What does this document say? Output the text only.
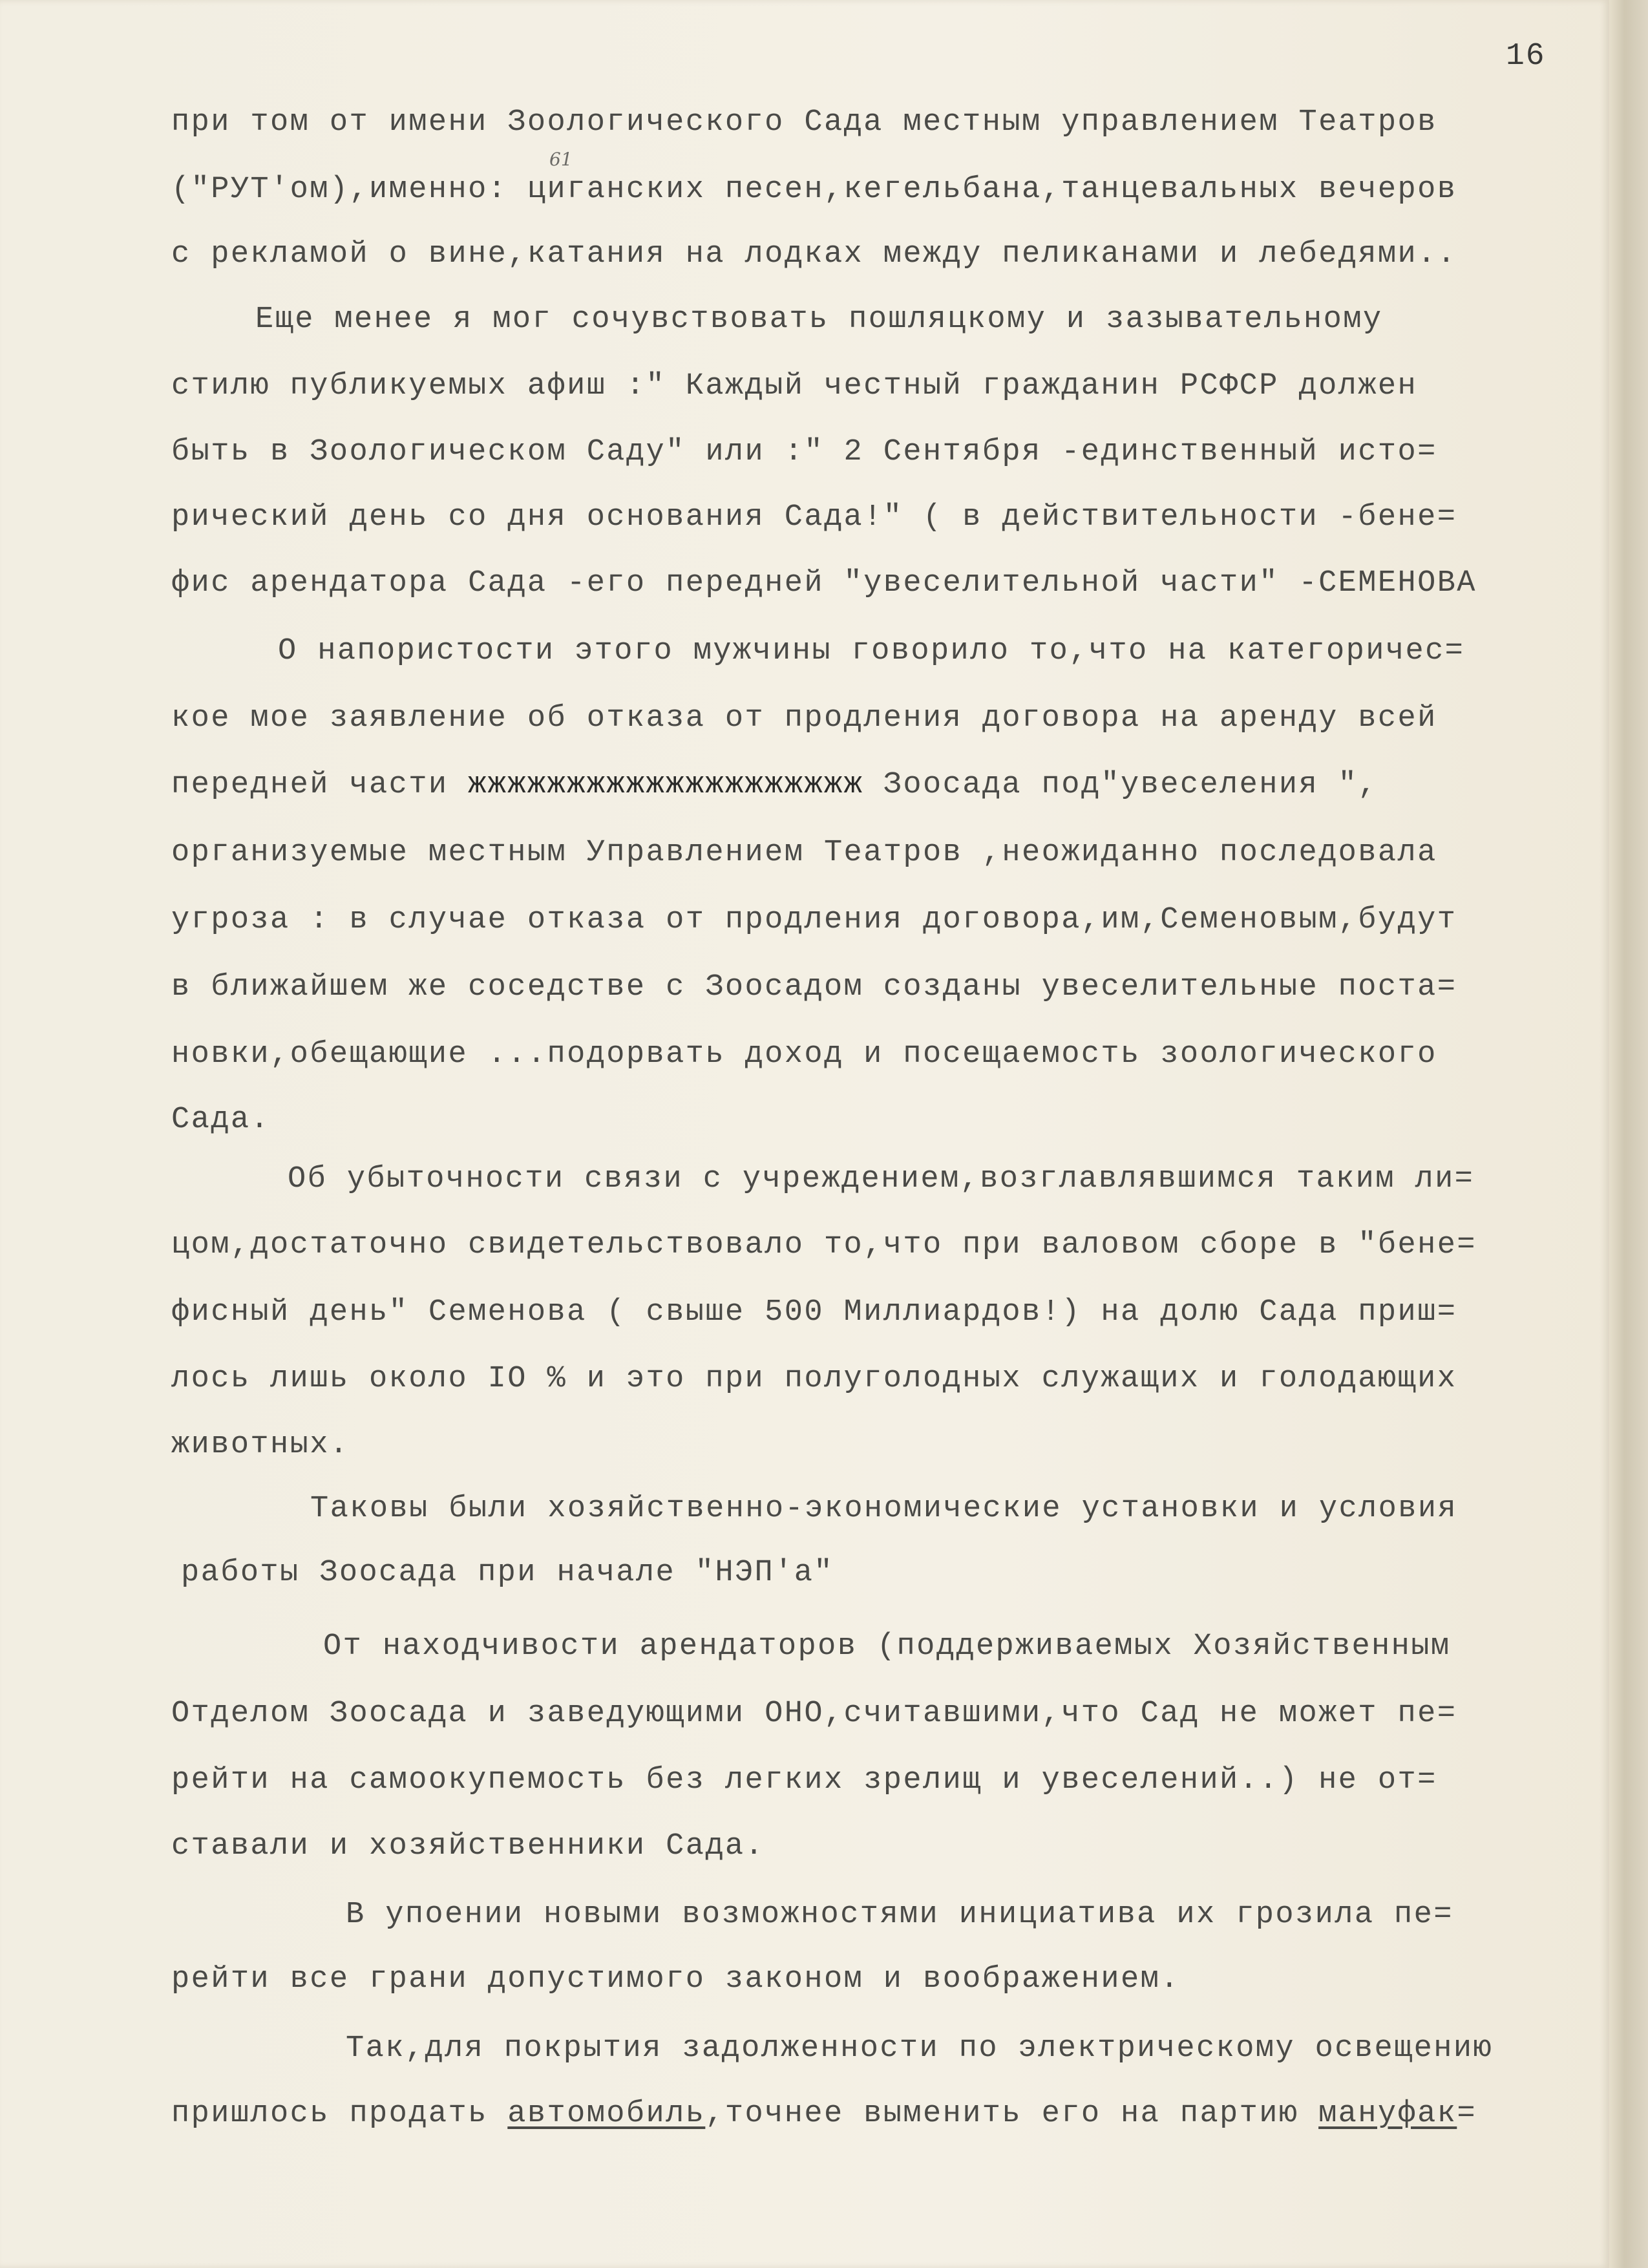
16
61
при том от имени Зоологического Сада местным управлением Театров
("РУТ'ом),именно: циганских песен,кегельбана,танцевальных вечеров
с рекламой о вине,катания на лодках между пеликанами и лебедями..
Еще менее я мог сочувствовать пошляцкому и зазывательному
стилю публикуемых афиш :" Каждый честный гражданин РСФСР должен
быть в Зоологическом Саду" или :" 2 Сентября -единственный исто=
рический день со дня основания Сада!" ( в действительности -бене=
фис арендатора Сада -его передней "увеселительной части" -СЕМЕНОВА
О напористости этого мужчины говорило то,что на категоричес=
кое мое заявление об отказа от продления договора на аренду всей
передней части жжжжжжжжжжжжжжжжжжжж Зоосада под"увеселения ",
организуемые местным Управлением Театров ,неожиданно последовала
угроза : в случае отказа от продления договора,им,Семеновым,будут
в ближайшем же соседстве с Зоосадом созданы увеселительные поста=
новки,обещающие ...подорвать доход и посещаемость зоологического
Сада.
Об убыточности связи с учреждением,возглавлявшимся таким ли=
цом,достаточно свидетельствовало то,что при валовом сборе в "бене=
фисный день" Семенова ( свыше 500 Миллиардов!) на долю Сада приш=
лось лишь около IO % и это при полуголодных служащих и голодающих
животных.
Таковы были хозяйственно-экономические установки и условия
работы Зоосада при начале "НЭП'а"
От находчивости арендаторов (поддерживаемых Хозяйственным
Отделом Зоосада и заведующими ОНО,считавшими,что Сад не может пе=
рейти на самоокупемость без легких зрелищ и увеселений..) не от=
ставали и хозяйственники Сада.
В упоении новыми возможностями инициатива их грозила пе=
рейти все грани допустимого законом и воображением.
Так,для покрытия задолженности по электрическому освещению
пришлось продать автомобиль,точнее выменить его на партию мануфак=
